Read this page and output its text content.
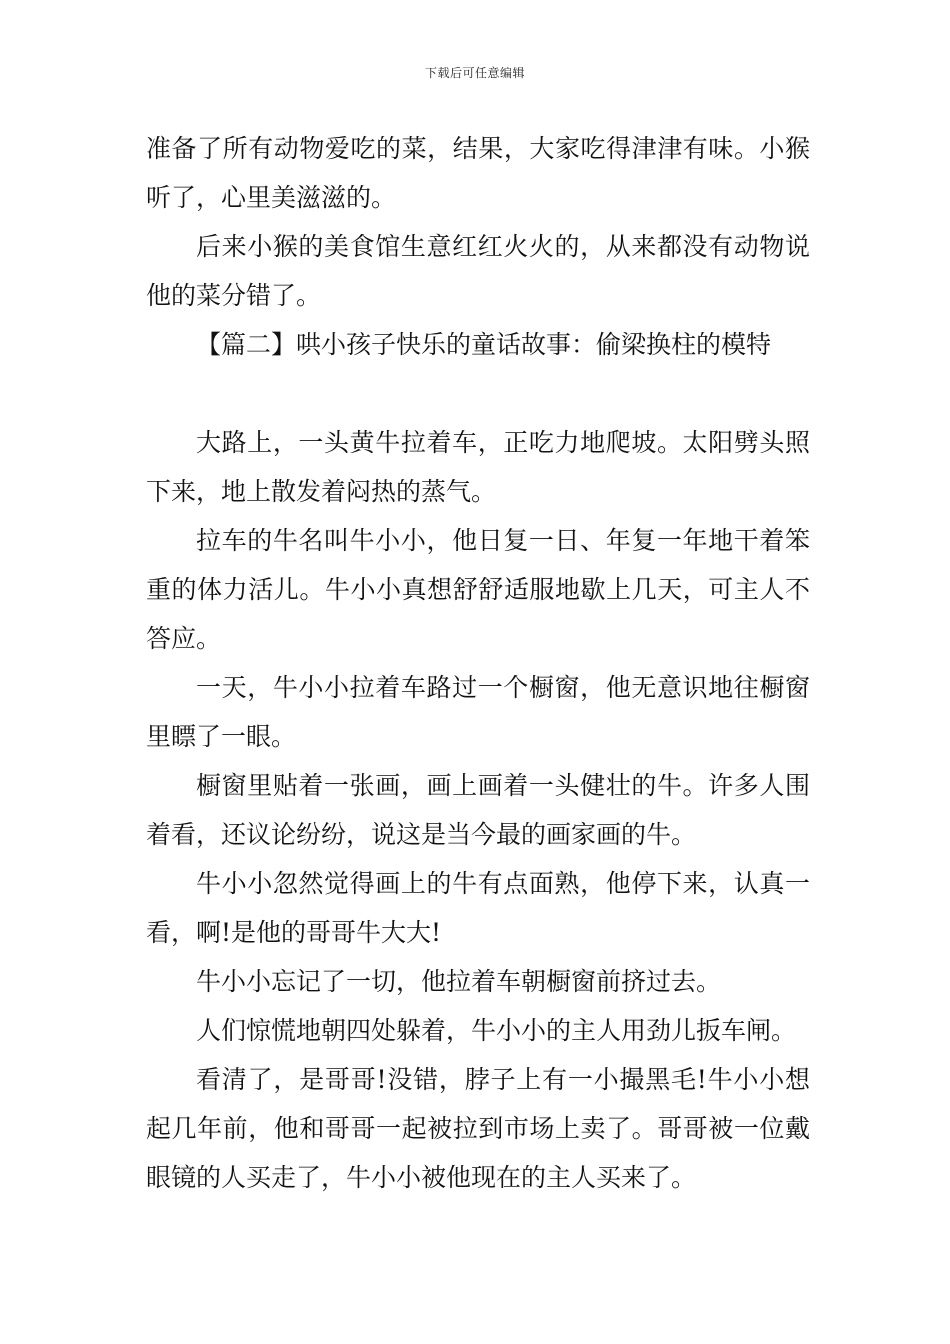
下载后可任意编辑

准备了所有动物爱吃的菜，结果，大家吃得津津有味。小猴听了，心里美滋滋的。

后来小猴的美食馆生意红红火火的，从来都没有动物说他的菜分错了。

【篇二】哄小孩子快乐的童话故事：偷梁换柱的模特

大路上，一头黄牛拉着车，正吃力地爬坡。太阳劈头照下来，地上散发着闷热的蒸气。

拉车的牛名叫牛小小，他日复一日、年复一年地干着笨重的体力活儿。牛小小真想舒舒适服地歇上几天，可主人不答应。

一天，牛小小拉着车路过一个橱窗，他无意识地往橱窗里瞟了一眼。

橱窗里贴着一张画，画上画着一头健壮的牛。许多人围着看，还议论纷纷，说这是当今最的画家画的牛。

牛小小忽然觉得画上的牛有点面熟，他停下来，认真一看，啊!是他的哥哥牛大大!

牛小小忘记了一切，他拉着车朝橱窗前挤过去。

人们惊慌地朝四处躲着，牛小小的主人用劲儿扳车闸。

看清了，是哥哥!没错，脖子上有一小撮黑毛!牛小小想起几年前，他和哥哥一起被拉到市场上卖了。哥哥被一位戴眼镜的人买走了，牛小小被他现在的主人买来了。
